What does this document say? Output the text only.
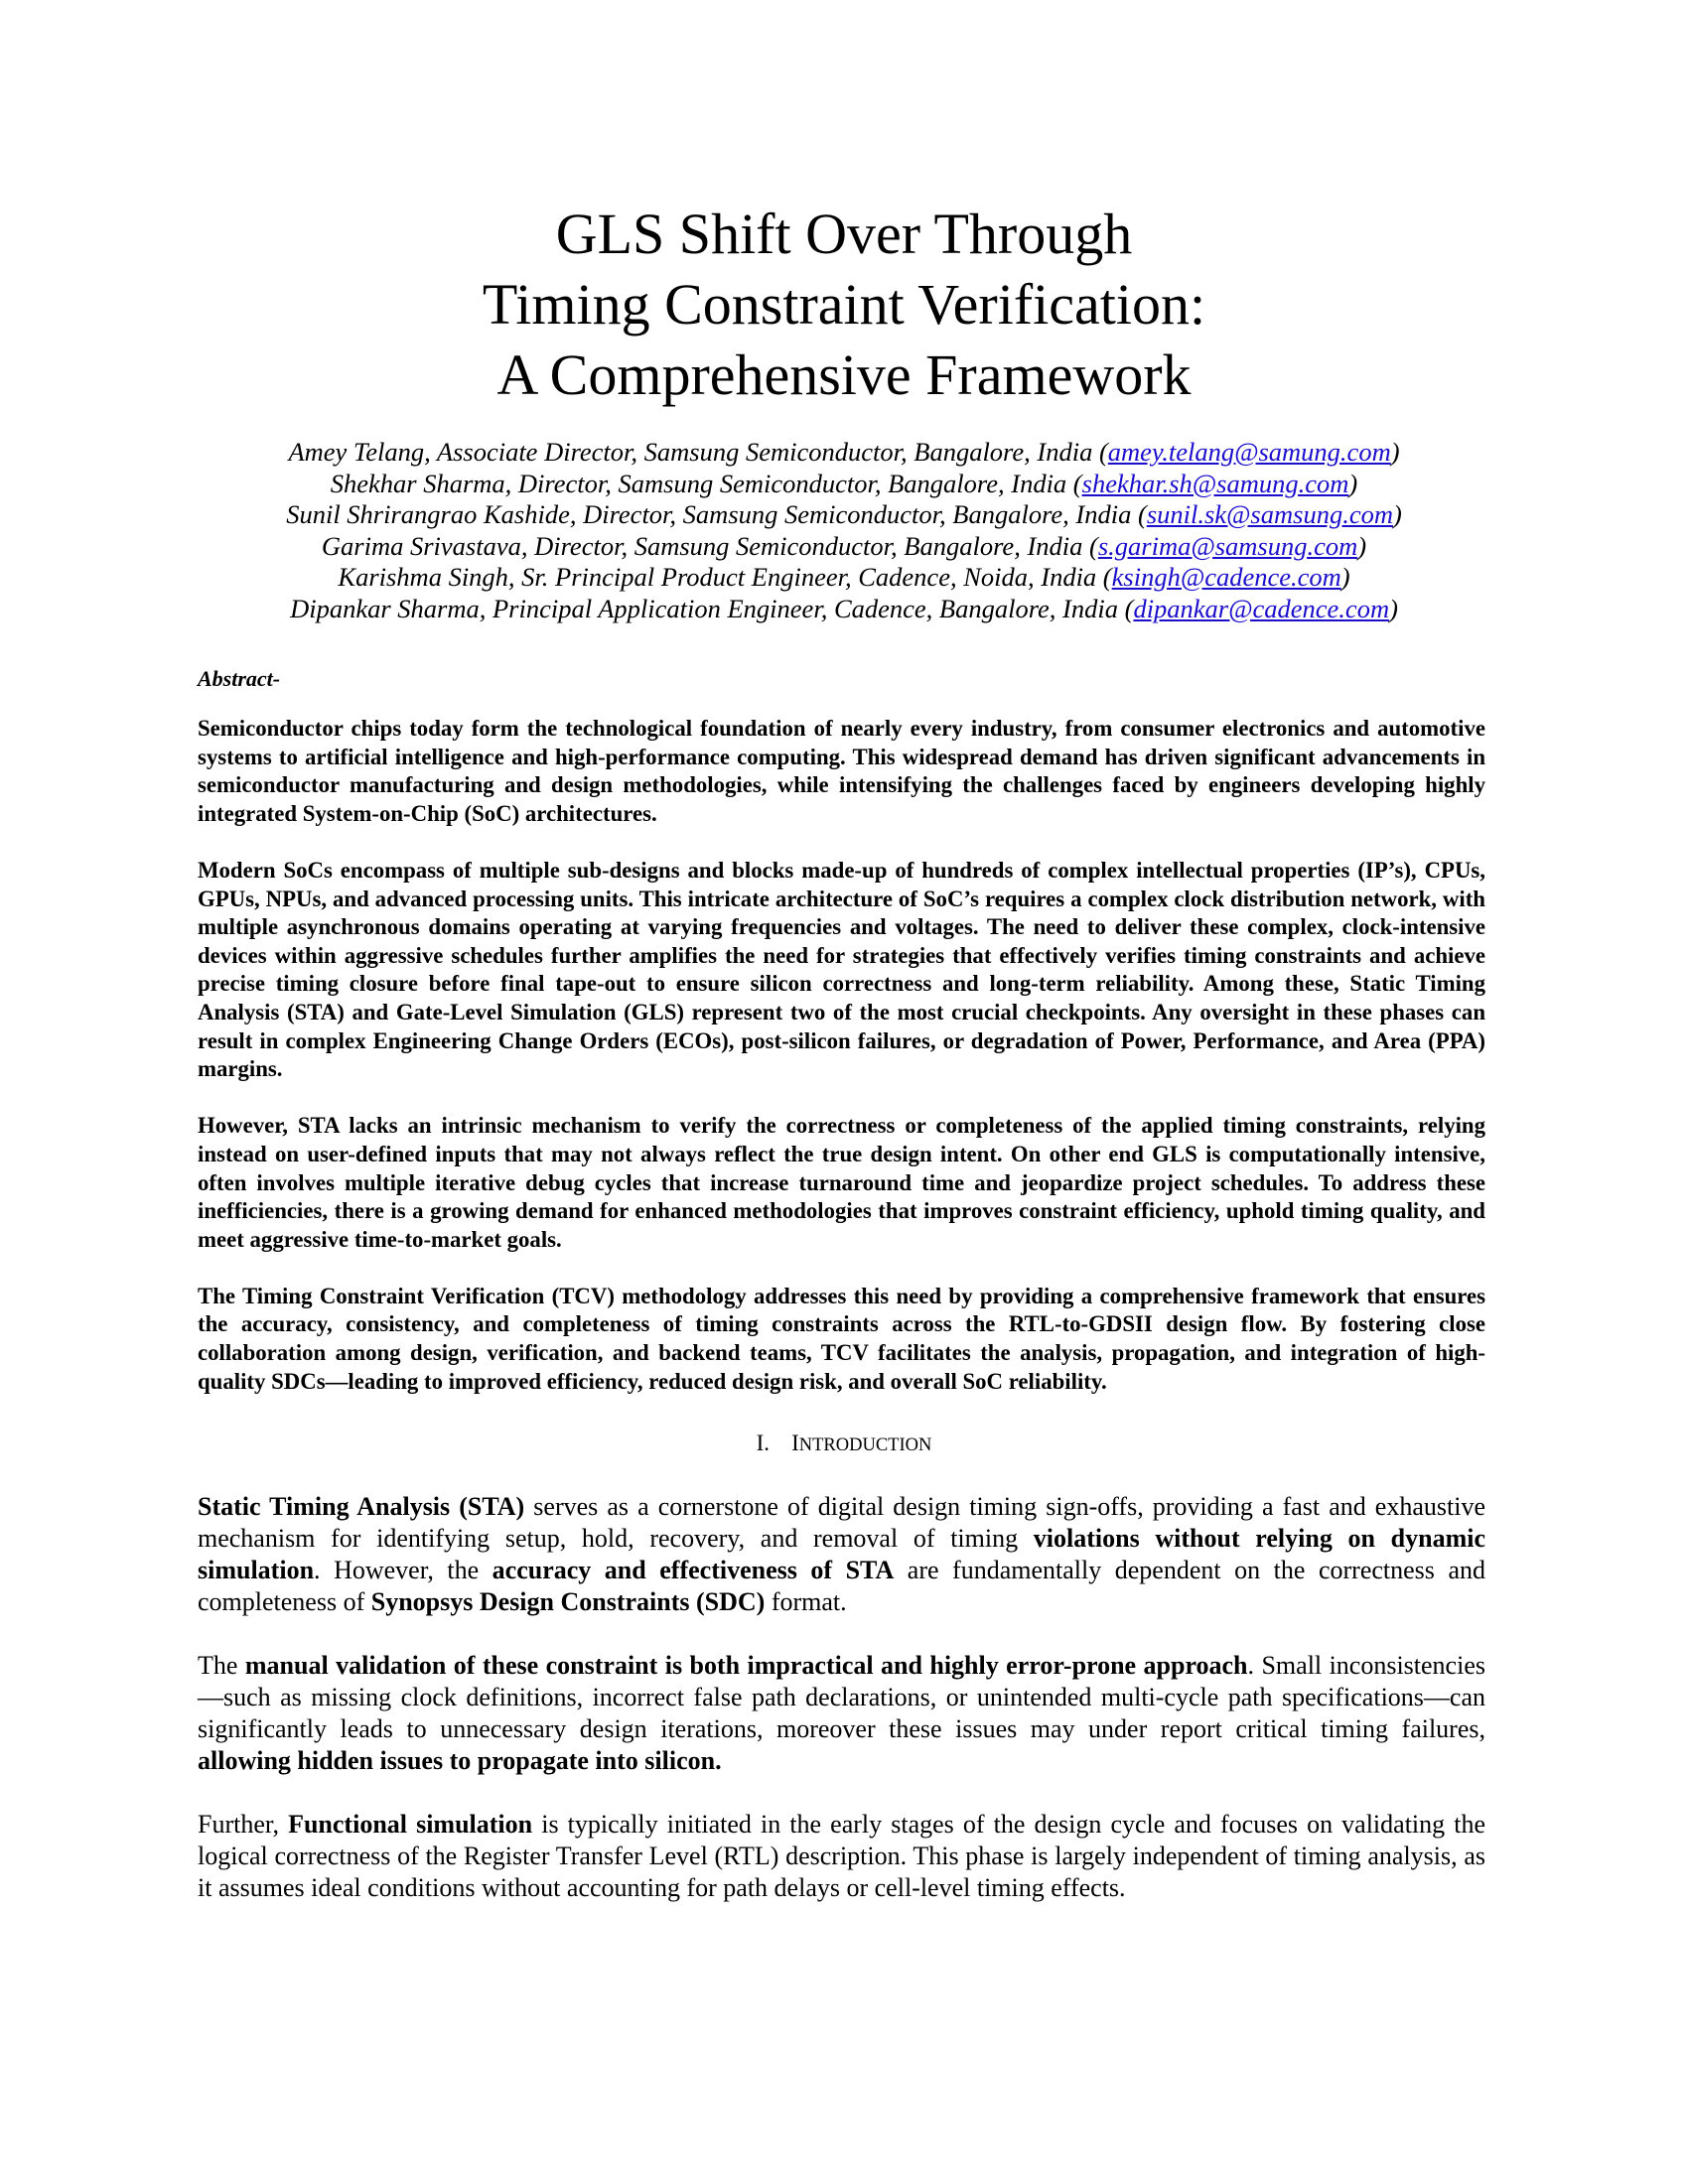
GLS Shift Over Through
Timing Constraint Verification:
A Comprehensive Framework
Amey Telang, Associate Director, Samsung Semiconductor, Bangalore, India (amey.telang@samung.com)
Shekhar Sharma, Director, Samsung Semiconductor, Bangalore, India (shekhar.sh@samung.com)
Sunil Shrirangrao Kashide, Director, Samsung Semiconductor, Bangalore, India (sunil.sk@samsung.com)
Garima Srivastava, Director, Samsung Semiconductor, Bangalore, India (s.garima@samsung.com)
Karishma Singh, Sr. Principal Product Engineer, Cadence, Noida, India (ksingh@cadence.com)
Dipankar Sharma, Principal Application Engineer, Cadence, Bangalore, India (dipankar@cadence.com)

Abstract-

Semiconductor chips today form the technological foundation of nearly every industry, from consumer electronics and automotive systems to artificial intelligence and high-performance computing. This widespread demand has driven significant advancements in semiconductor manufacturing and design methodologies, while intensifying the challenges faced by engineers developing highly integrated System-on-Chip (SoC) architectures.

Modern SoCs encompass of multiple sub-designs and blocks made-up of hundreds of complex intellectual properties (IP’s), CPUs, GPUs, NPUs, and advanced processing units. This intricate architecture of SoC’s requires a complex clock distribution network, with multiple asynchronous domains operating at varying frequencies and voltages. The need to deliver these complex, clock-intensive devices within aggressive schedules further amplifies the need for strategies that effectively verifies timing constraints and achieve precise timing closure before final tape-out to ensure silicon correctness and long-term reliability. Among these, Static Timing Analysis (STA) and Gate-Level Simulation (GLS) represent two of the most crucial checkpoints. Any oversight in these phases can result in complex Engineering Change Orders (ECOs), post-silicon failures, or degradation of Power, Performance, and Area (PPA) margins.

However, STA lacks an intrinsic mechanism to verify the correctness or completeness of the applied timing constraints, relying instead on user-defined inputs that may not always reflect the true design intent. On other end GLS is computationally intensive, often involves multiple iterative debug cycles that increase turnaround time and jeopardize project schedules. To address these inefficiencies, there is a growing demand for enhanced methodologies that improves constraint efficiency, uphold timing quality, and meet aggressive time-to-market goals.

The Timing Constraint Verification (TCV) methodology addresses this need by providing a comprehensive framework that ensures the accuracy, consistency, and completeness of timing constraints across the RTL-to-GDSII design flow. By fostering close collaboration among design, verification, and backend teams, TCV facilitates the analysis, propagation, and integration of high-quality SDCs—leading to improved efficiency, reduced design risk, and overall SoC reliability.

I. INTRODUCTION

Static Timing Analysis (STA) serves as a cornerstone of digital design timing sign-offs, providing a fast and exhaustive mechanism for identifying setup, hold, recovery, and removal of timing violations without relying on dynamic simulation. However, the accuracy and effectiveness of STA are fundamentally dependent on the correctness and completeness of Synopsys Design Constraints (SDC) format.

The manual validation of these constraint is both impractical and highly error-prone approach. Small inconsistencies—such as missing clock definitions, incorrect false path declarations, or unintended multi-cycle path specifications—can significantly leads to unnecessary design iterations, moreover these issues may under report critical timing failures, allowing hidden issues to propagate into silicon.

Further, Functional simulation is typically initiated in the early stages of the design cycle and focuses on validating the logical correctness of the Register Transfer Level (RTL) description. This phase is largely independent of timing analysis, as it assumes ideal conditions without accounting for path delays or cell-level timing effects.
